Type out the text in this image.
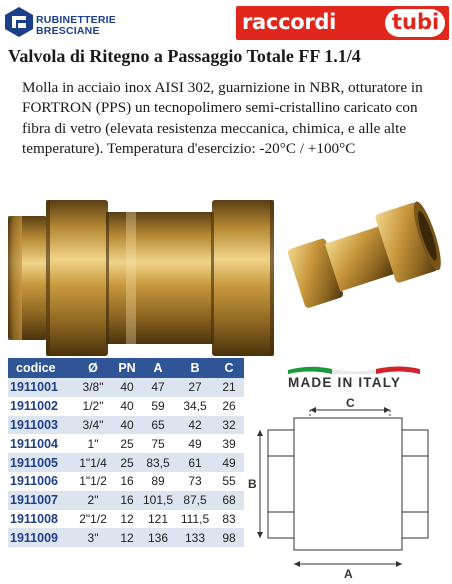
RUBINETTERIE
BRESCIANE	raccordi	tubi
Valvola di Ritegno a Passaggio Totale FF 1.1/4
Molla in acciaio inox AISI 302, guarnizione in NBR, otturatore in FORTRON (PPS) un tecnopolimero semi-cristallino caricato con fibra di vetro (elevata resistenza meccanica, chimica, e alle alte temperature). Temperatura d'esercizio: -20°C / +100°C
MADE IN ITALY
codice	Ø	PN	A	B	C
1911001	3/8"	40	47	27	21
1911002	1/2"	40	59	34,5	26
1911003	3/4"	40	65	42	32
1911004	1"	25	75	49	39
1911005	1"1/4	25	83,5	61	49
1911006	1"1/2	16	89	73	55
1911007	2"	16	101,5	87,5	68
1911008	2"1/2	12	121	111,5	83
1911009	3"	12	136	133	98
B
C
A
